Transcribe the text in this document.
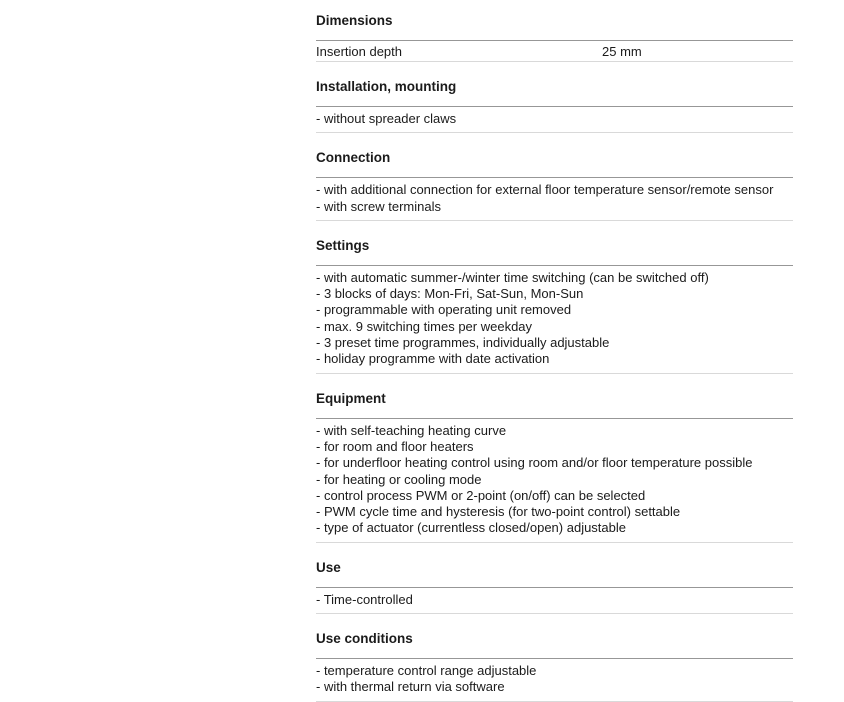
Dimensions
Insertion depth	25 mm
Installation, mounting
- without spreader claws
Connection
- with additional connection for external floor temperature sensor/remote sensor
- with screw terminals
Settings
- with automatic summer-/winter time switching (can be switched off)
- 3 blocks of days: Mon-Fri, Sat-Sun, Mon-Sun
- programmable with operating unit removed
- max. 9 switching times per weekday
- 3 preset time programmes, individually adjustable
- holiday programme with date activation
Equipment
- with self-teaching heating curve
- for room and floor heaters
- for underfloor heating control using room and/or floor temperature possible
- for heating or cooling mode
- control process PWM or 2-point (on/off) can be selected
- PWM cycle time and hysteresis (for two-point control) settable
- type of actuator (currentless closed/open) adjustable
Use
- Time-controlled
Use conditions
- temperature control range adjustable
- with thermal return via software
